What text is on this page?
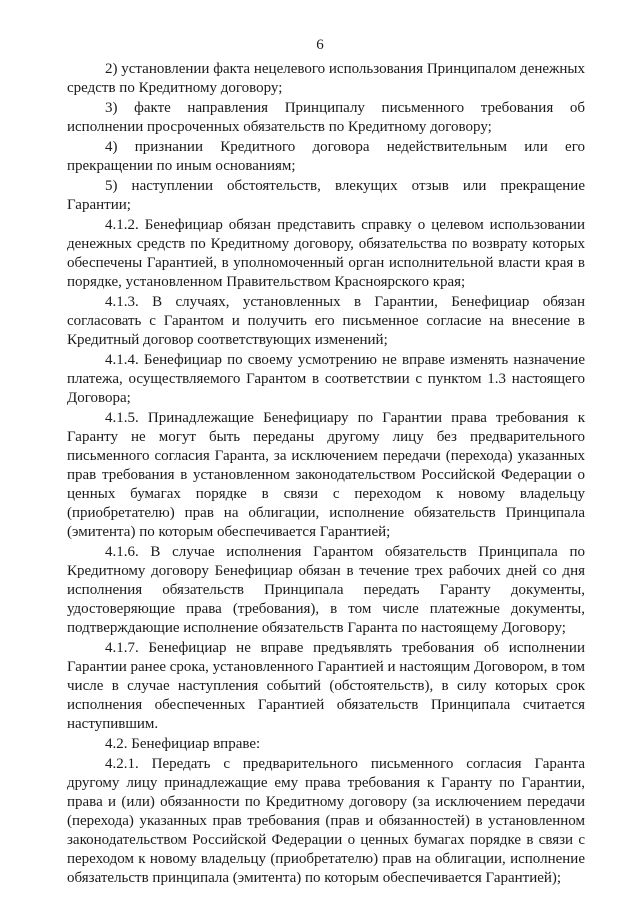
6

2) установлении факта нецелевого использования Принципалом денежных средств по Кредитному договору;

3) факте направления Принципалу письменного требования об исполнении просроченных обязательств по Кредитному договору;

4) признании Кредитного договора недействительным или его прекращении по иным основаниям;

5) наступлении обстоятельств, влекущих отзыв или прекращение Гарантии;

4.1.2. Бенефициар обязан представить справку о целевом использовании денежных средств по Кредитному договору, обязательства по возврату которых обеспечены Гарантией, в уполномоченный орган исполнительной власти края в порядке, установленном Правительством Красноярского края;

4.1.3. В случаях, установленных в Гарантии, Бенефициар обязан согласовать с Гарантом и получить его письменное согласие на внесение в Кредитный договор соответствующих изменений;

4.1.4. Бенефициар по своему усмотрению не вправе изменять назначение платежа, осуществляемого Гарантом в соответствии с пунктом 1.3 настоящего Договора;

4.1.5. Принадлежащие Бенефициару по Гарантии права требования к Гаранту не могут быть переданы другому лицу без предварительного письменного согласия Гаранта, за исключением передачи (перехода) указанных прав требования в установленном законодательством Российской Федерации о ценных бумагах порядке в связи с переходом к новому владельцу (приобретателю) прав на облигации, исполнение обязательств Принципала (эмитента) по которым обеспечивается Гарантией;

4.1.6. В случае исполнения Гарантом обязательств Принципала по Кредитному договору Бенефициар обязан в течение трех рабочих дней со дня исполнения обязательств Принципала передать Гаранту документы, удостоверяющие права (требования), в том числе платежные документы, подтверждающие исполнение обязательств Гаранта по настоящему Договору;

4.1.7. Бенефициар не вправе предъявлять требования об исполнении Гарантии ранее срока, установленного Гарантией и настоящим Договором, в том числе в случае наступления событий (обстоятельств), в силу которых срок исполнения обеспеченных Гарантией обязательств Принципала считается наступившим.

4.2. Бенефициар вправе:

4.2.1. Передать с предварительного письменного согласия Гаранта другому лицу принадлежащие ему права требования к Гаранту по Гарантии, права и (или) обязанности по Кредитному договору (за исключением передачи (перехода) указанных прав требования (прав и обязанностей) в установленном законодательством Российской Федерации о ценных бумагах порядке в связи с переходом к новому владельцу (приобретателю) прав на облигации, исполнение обязательств принципала (эмитента) по которым обеспечивается Гарантией);
